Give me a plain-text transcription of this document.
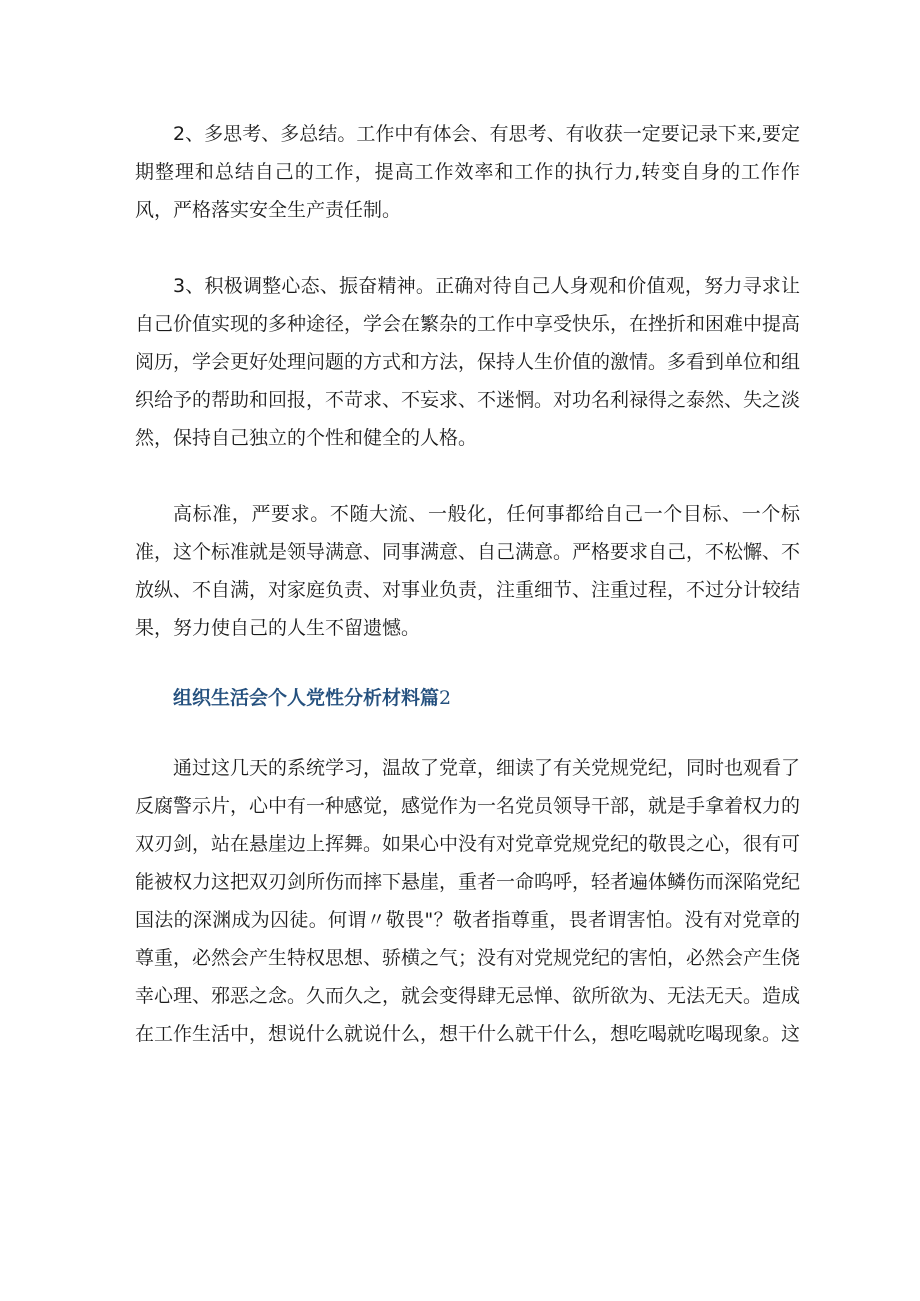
2、多思考、多总结。工作中有体会、有思考、有收获一定要记录下来,要定期整理和总结自己的工作，提高工作效率和工作的执行力,转变自身的工作作风，严格落实安全生产责任制。

3、积极调整心态、振奋精神。正确对待自己人身观和价值观，努力寻求让自己价值实现的多种途径，学会在繁杂的工作中享受快乐，在挫折和困难中提高阅历，学会更好处理问题的方式和方法，保持人生价值的激情。多看到单位和组织给予的帮助和回报，不苛求、不妄求、不迷惘。对功名利禄得之泰然、失之淡然，保持自己独立的个性和健全的人格。

高标准，严要求。不随大流、一般化，任何事都给自己一个目标、一个标准，这个标准就是领导满意、同事满意、自己满意。严格要求自己，不松懈、不放纵、不自满，对家庭负责、对事业负责，注重细节、注重过程，不过分计较结果，努力使自己的人生不留遗憾。

组织生活会个人党性分析材料篇2

通过这几天的系统学习，温故了党章，细读了有关党规党纪，同时也观看了反腐警示片，心中有一种感觉，感觉作为一名党员领导干部，就是手拿着权力的双刃剑，站在悬崖边上挥舞。如果心中没有对党章党规党纪的敬畏之心，很有可能被权力这把双刃剑所伤而摔下悬崖，重者一命呜呼，轻者遍体鳞伤而深陷党纪国法的深渊成为囚徒。何谓〃敬畏"？敬者指尊重，畏者谓害怕。没有对党章的尊重，必然会产生特权思想、骄横之气；没有对党规党纪的害怕，必然会产生侥幸心理、邪恶之念。久而久之，就会变得肆无忌惮、欲所欲为、无法无天。造成在工作生活中，想说什么就说什么，想干什么就干什么，想吃喝就吃喝现象。这
